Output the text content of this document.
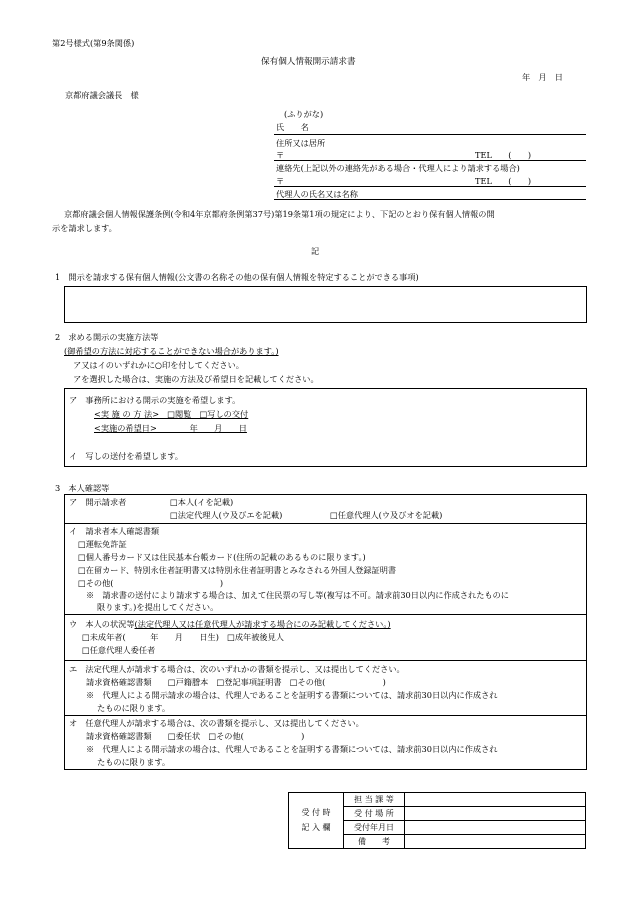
第2号様式(第9条関係)
保有個人情報開示請求書
年　月　日
京都府議会議長　様
(ふりがな)
氏　　名
住所又は居所
〒	TEL　　(　　)
連絡先(上記以外の連絡先がある場合・代理人により請求する場合)
〒	TEL　　(　　)
代理人の氏名又は名称
京都府議会個人情報保護条例(令和4年京都府条例第37号)第19条第1項の規定により、下記のとおり保有個人情報の開
示を請求します。
記
1　開示を請求する保有個人情報(公文書の名称その他の保有個人情報を特定することができる事項)
2　求める開示の実施方法等
(御希望の方法に対応することができない場合があります。)
ア又はイのいずれかに○印を付してください。
アを選択した場合は、実施の方法及び希望日を記載してください。
ア　事務所における開示の実施を希望します。
<実 施 の 方 法>　□閲覧　□写しの交付
<実施の希望日>　　　　年　　月　　日
イ　写しの送付を希望します。
3　本人確認等
ア　開示請求者	□本人(イを記載)
□法定代理人(ウ及びエを記載)	□任意代理人(ウ及びオを記載)
イ　請求者本人確認書類
□運転免許証
□個人番号カード又は住民基本台帳カード(住所の記載のあるものに限ります。)
□在留カード、特別永住者証明書又は特別永住者証明書とみなされる外国人登録証明書
□その他(　　　　　　　　　　　　　)
※　請求書の送付により請求する場合は、加えて住民票の写し等(複写は不可。請求前30日以内に作成されたものに
限ります。)を提出してください。
ウ　本人の状況等(法定代理人又は任意代理人が請求する場合にのみ記載してください。)
□未成年者(　　　年　　月　　日生)　□成年被後見人
□任意代理人委任者
エ　法定代理人が請求する場合は、次のいずれかの書類を提示し、又は提出してください。
請求資格確認書類　　□戸籍謄本　□登記事項証明書　□その他(　　　　　　　)
※　代理人による開示請求の場合は、代理人であることを証明する書類については、請求前30日以内に作成され
たものに限ります。
オ　任意代理人が請求する場合は、次の書類を提示し、又は提出してください。
請求資格確認書類　　□委任状　□その他(　　　　　　　)
※　代理人による開示請求の場合は、代理人であることを証明する書類については、請求前30日以内に作成され
たものに限ります。
受 付 時
記 入 欄	担 当 課 等	
	受 付 場 所	
	受付年月日	
	備　　考	
